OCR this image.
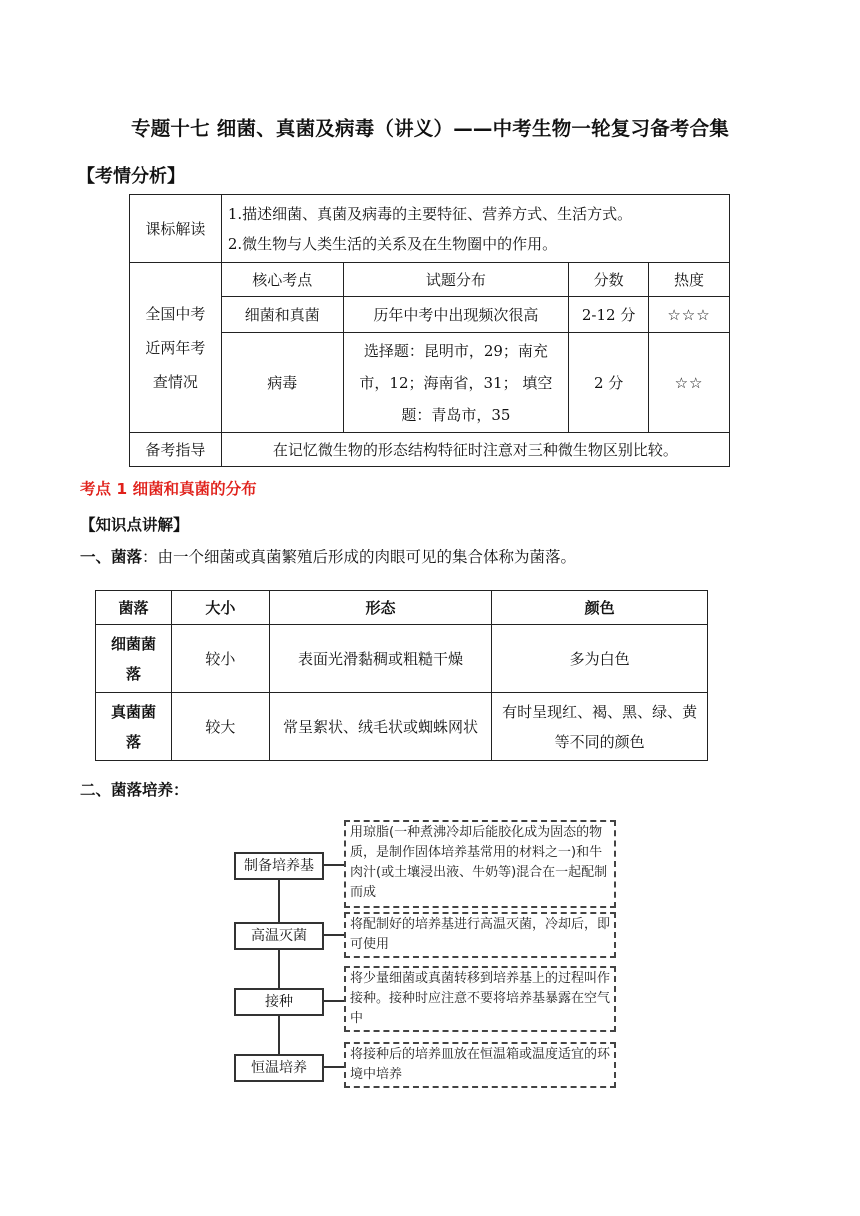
专题十七 细菌、真菌及病毒（讲义）——中考生物一轮复习备考合集
【考情分析】
课标解读	1.描述细菌、真菌及病毒的主要特征、营养方式、生活方式。
2.微生物与人类生活的关系及在生物圈中的作用。			

全国中考近两年考查情况	核心考点	试题分布	分数	热度
	细菌和真菌	历年中考中出现频次很高	2-12 分	☆☆☆
	病毒	选择题：昆明市，29；南充市，12；海南省，31； 填空题：青岛市，35	2 分	☆☆
备考指导	在记忆微生物的形态结构特征时注意对三种微生物区别比较。			
考点 1 细菌和真菌的分布
【知识点讲解】
一、菌落：由一个细菌或真菌繁殖后形成的肉眼可见的集合体称为菌落。
菌落	大小	形态	颜色
细菌菌落	较小	表面光滑黏稠或粗糙干燥	多为白色
真菌菌落	较大	常呈絮状、绒毛状或蜘蛛网状	有时呈现红、褐、黑、绿、黄等不同的颜色
二、菌落培养：
制备培养基
用琼脂(一种煮沸冷却后能胶化成为固态的物质，是制作固体培养基常用的材料之一)和牛肉汁(或土壤浸出液、牛奶等)混合在一起配制而成
高温灭菌
将配制好的培养基进行高温灭菌，冷却后，即可使用
接种
将少量细菌或真菌转移到培养基上的过程叫作接种。接种时应注意不要将培养基暴露在空气中
恒温培养
将接种后的培养皿放在恒温箱或温度适宜的环境中培养
